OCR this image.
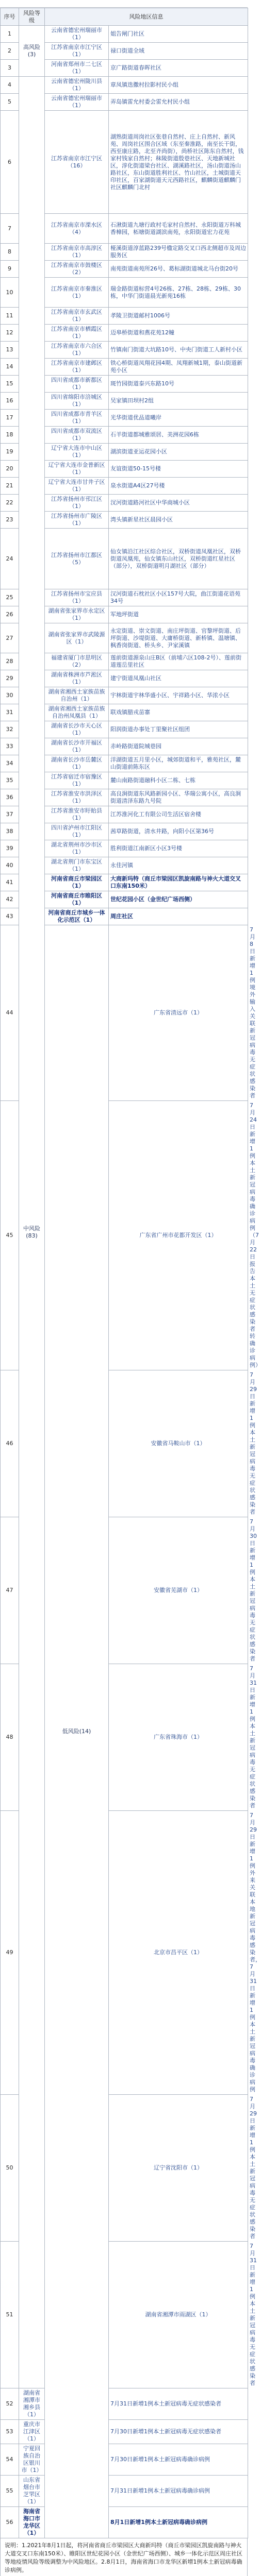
序号	风险等级	风险地区信息		
1	高风险(3)	云南省德宏州瑞丽市（1）	姐告闸门社区	
2		江苏省南京市江宁区（1）	禄口街道全域	
3		河南省郑州市二七区（1）	京广路街道春晖社区	
4	中风险(83)	云南省德宏州陇川县（1）	章凤镇迭撒村拉影村民小组	
5		云南省德宏州瑞丽市（1）	弄岛镇雷允村委会雷允村民小组	
6		江苏省南京市江宁区（16）	湖熟街道周岗社区张巷自然村、庄上自然村、新风苑、周岗社区围合区域（东至秦淮路，南至长干街，西至康庄路，北至齐尚街），尚桥社区陈东自然村，钱家村钱家自然村；秣陵街道殷巷社区、天地新城社区，淳化街道梁台社区、湖溪路社区，汤山街道汤山路社区，东山街道胜利社区、竹山社区，土城街道天印社区，百家湖街道天元西路社区，麒麟街道麒麟门社区麒麟门北村	
7		江苏省南京市溧水区（4）	石湫街道九塘行政村毛家村自然村、永阳街道万科城香樟园，柘塘街道湖滨南苑，永阳街道宏力花苑	
8		江苏省南京市高淳区（1）	桠溪街道淳蓝路239号楹定路交叉口西北侧超市及周边服务区	
9		江苏省南京市鼓楼区（2）	南苑街道南苑所26号、葛标湖街道城北马台街20号	
10		江苏省南京市秦淮区（1）	瑞金路街道标营4号26栋、27栋、28栋、29栋、30栋，中华门街道晨光新苑16栋	
11		江苏省南京市玄武区（1）	孝陵卫街道邮村1006号	
12		江苏省南京市栖霞区（1）	迈皋桥街道和燕花苑12幢	
13		江苏省南京市六合区（1）	竹镇南门街道大坑路10号、中央门街道工人新村小区	
14		江苏省南京市建邺区（1）	铁心桥街道凤翔花园4期、凤翔新城1期，泰山街道新苑小区	
15		四川省成都市新都区（1）	斑竹园街道泰兴东路10号	
16		四川省绵阳市涪城区（1）	吴家镇田坝村2组	
17		四川省成都市青羊区（1）	光华街道优品道曦岸	
18		四川省成都市双流区（1）	石羊街道都城雅颂居、美洲花园6栋	
19		辽宁省大连市中山区（1）	湖滨街道亚运花园小区	
20		辽宁省大连市金普新区（1）	友谊街道50-15号楼	
21		辽宁省大连市甘井子区（1）	泉水街道A4区27号楼	
22		江苏省扬州市邗江区（1）	汊河街道路河社区中华商城小区	
23		江苏省扬州市广陵区（1）	湾头镇新星社区晨园小区	
24		江苏省扬州市江都区（5）	仙女镇沿江社区综合社区，双桥街道凤凰社区，双桥街道凤凰苑，仙女镇东山社区，双桥街道红星社区（部分），双桥街道明月湖社区（部分）	
25		江苏省扬州市宝应县（1）	汉河街道石枕社区小区157号大院，曲江街道花语苑34号	
26		湖南省张家界市永定区（1）	军地坪街道	
27		湖南省张家界市武陵源区（1）	永定街道、崇文街道、南庄坪街道、官黎坪街道、后坪街道、沙堤街道、大庸桥街道、新桥镇、温塘镇、枫香岗街道、桥头乡、尹家溪镇	
28		福建省厦门市思明区（2）	莲前街道源泉山庄B区（前埔六区108-2号）、莲前街道莲岳里社区	
29		湖南省株洲市芦淞区（1）	建宁街道凤凰山社区	
30		湖南省湘西土家族苗族自治州（1）	宇林街道宇林华盛小区、宇祥路小区、华浓小区	
31		湖南省湘西土家族苗族自治州凤凰县（1）	联戏镇腊戎苗寨	
32		湖南省长沙市天心区（1）	阳润街道办事处丁里聚社区组团	
33		湖南省长沙市开福区（1）	赤岭路街道院城巷园	
34		湖南省长沙市岳麓区（1）	洋湖街道五月里小区，城郊街道和平，雅苑社区，麓山街道前陈东区	
35		江苏省宿迁市宿豫区（1）	麓山南路街道融科小区二栋、七栋	
36		江苏省淮安市洪泽区（1）	高良涧街道东风路新园小区、华瑞公寓小区，高良涧街道清泽东路九号院	
37		江苏省淮安市盱眙县（1）	江苏淮河化工有限公司生活区宿舍楼	
38		四川省泸州市江阳区（1）	茜草路街道，清水井路，向阳小区第36号	
39		湖北省荆州市沙市区（1）	胜利街道江南新区小区3号楼	
40		湖北省荆门市东宝区（1）	永佳河镇	
41		河南省商丘市梁园区（1）	大商新玛特（商丘市梁园区凯旋南路与神火大道交叉口东南150米）	
42		河南省商丘市睢阳区（1）	世纪花园小区（金世纪广场西侧）	
43		河南省商丘市城乡一体化示范区（1）	周庄社区	
44		低风险(14)	广东省清远市（1）	7月8日新增1例境外输入关联新冠病毒无症状感染者
45			广东省广州市花都开发区（1）	7月24日新增1例本土新冠病毒确诊病例（7月22日报告本土无症状感染者转确诊病例）
46			安徽省马鞍山市（1）	7月29日新增1例本土新冠病毒无症状感染者
47			安徽省芜湖市（1）	7月30日新增1例本土新冠病毒无症状感染者
48			广东省珠海市（1）	7月31日新增1例本土新冠病毒无症状感染者
49			北京市昌平区（1）	7月29日新增1例外来关联本地新冠病毒感染者，7月31日新增1例本土新冠病毒确诊病例
50			辽宁省沈阳市（1）	7月29日新增1例本土新冠病毒无症状感染者
51			湖南省湘潭市雨湖区（1）	7月31日新增1例本土新冠病毒无症状感染者
52	湖南省湘潭市湘乡县（1）		7月31日新增1例本土新冠病毒无症状感染者	
53	重庆市江津区（1）		7月30日新增1例本土新冠病毒无症状感染者	
54	宁夏回族自治区银川市（1）		7月30日新增1例本土新冠病毒确诊病例	
55	山东省烟台市芝罘区（1）		7月31日新增1例本土新冠病毒确诊病例	
56	海南省海口市龙华区（1）		8月1日新增1例本土新冠病毒确诊病例	
说明：1.2021年8月1日起，将河南省商丘市梁园区大商新玛特（商丘市梁园区凯旋南路与神火大道交叉口东南150米）、睢阳区世纪花园小区（金世纪广场西侧）、城乡一体化示范区周庄社区等地疫情风险等级调整为中风险地区。2.8月1日，海南省海口市龙华区新增1例本土新冠病毒确诊病例。
